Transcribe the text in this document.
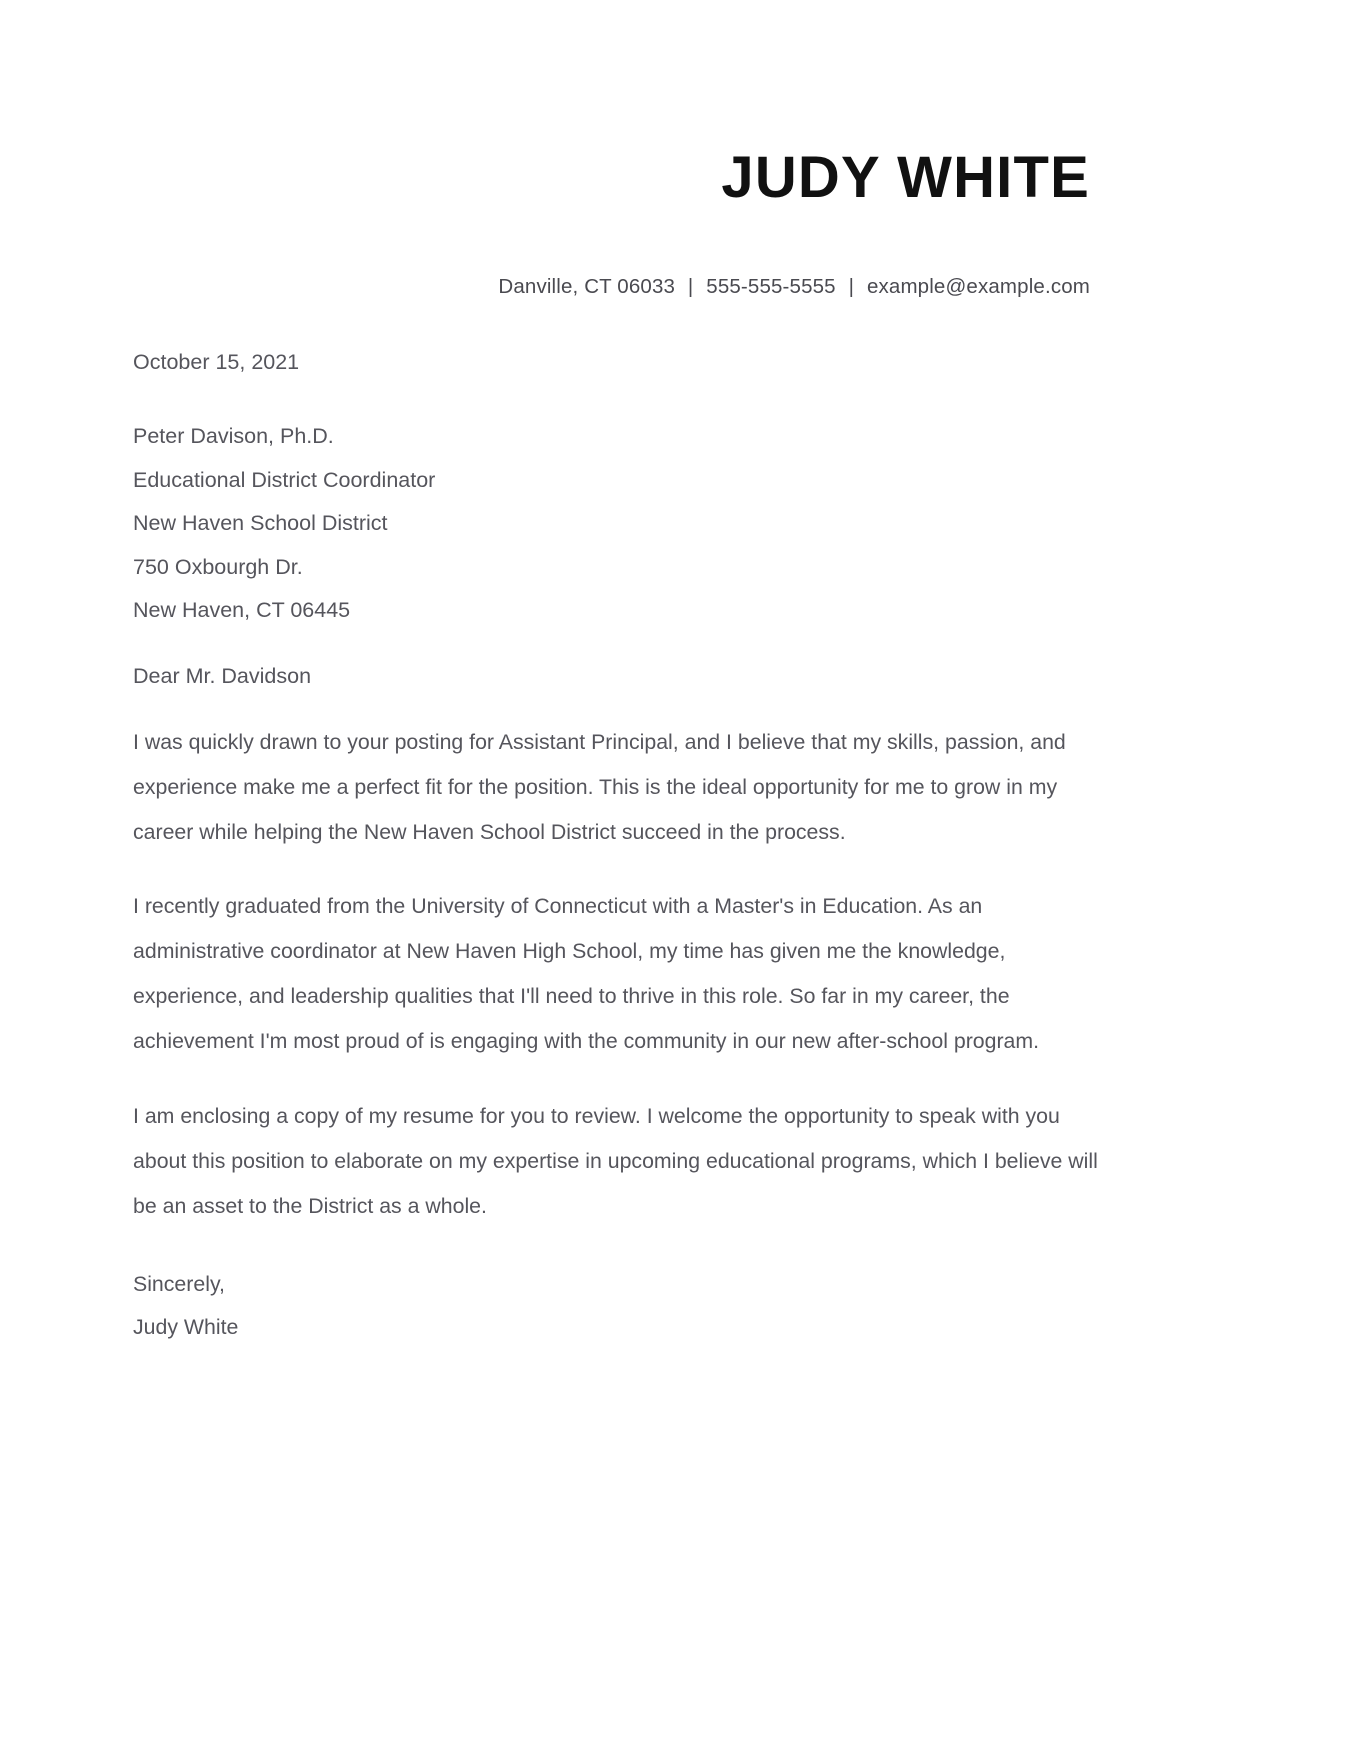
JUDY WHITE
Danville, CT 06033 | 555-555-5555 | example@example.com
October 15, 2021
Peter Davison, Ph.D.
Educational District Coordinator
New Haven School District
750 Oxbourgh Dr.
New Haven, CT 06445
Dear Mr. Davidson
I was quickly drawn to your posting for Assistant Principal, and I believe that my skills, passion, and experience make me a perfect fit for the position. This is the ideal opportunity for me to grow in my career while helping the New Haven School District succeed in the process.
I recently graduated from the University of Connecticut with a Master's in Education. As an administrative coordinator at New Haven High School, my time has given me the knowledge, experience, and leadership qualities that I'll need to thrive in this role. So far in my career, the achievement I'm most proud of is engaging with the community in our new after-school program.
I am enclosing a copy of my resume for you to review. I welcome the opportunity to speak with you about this position to elaborate on my expertise in upcoming educational programs, which I believe will be an asset to the District as a whole.
Sincerely,
Judy White
